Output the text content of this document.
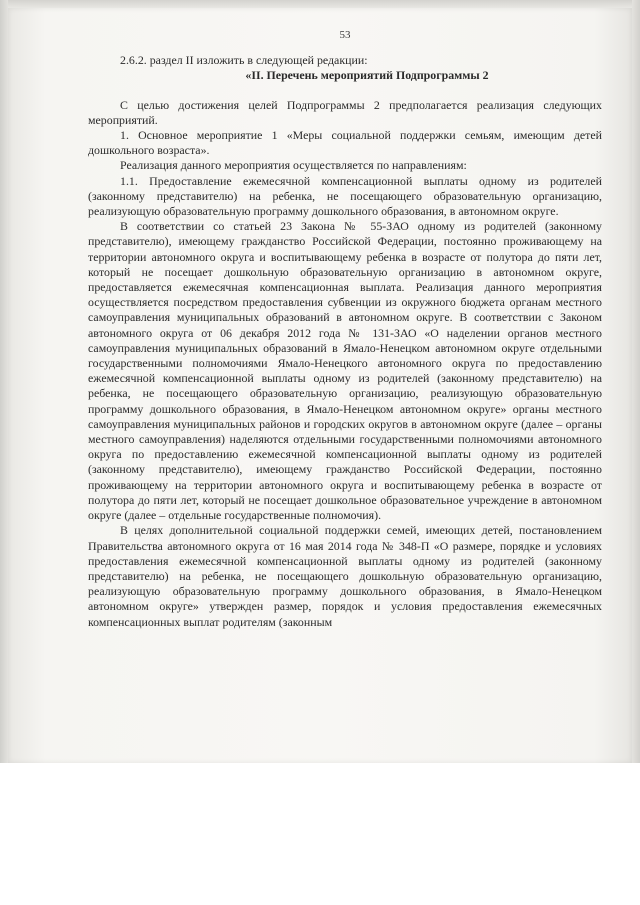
53

2.6.2. раздел II изложить в следующей редакции:

«II. Перечень мероприятий Подпрограммы 2

С целью достижения целей Подпрограммы 2 предполагается реализация следующих мероприятий.

1. Основное мероприятие 1 «Меры социальной поддержки семьям, имеющим детей дошкольного возраста».

Реализация данного мероприятия осуществляется по направлениям:

1.1. Предоставление ежемесячной компенсационной выплаты одному из родителей (законному представителю) на ребенка, не посещающего образовательную организацию, реализующую образовательную программу дошкольного образования, в автономном округе.

В соответствии со статьей 23 Закона № 55-ЗАО одному из родителей (законному представителю), имеющему гражданство Российской Федерации, постоянно проживающему на территории автономного округа и воспитывающему ребенка в возрасте от полутора до пяти лет, который не посещает дошкольную образовательную организацию в автономном округе, предоставляется ежемесячная компенсационная выплата. Реализация данного мероприятия осуществляется посредством предоставления субвенции из окружного бюджета органам местного самоуправления муниципальных образований в автономном округе. В соответствии с Законом автономного округа от 06 декабря 2012 года № 131-ЗАО «О наделении органов местного самоуправления муниципальных образований в Ямало-Ненецком автономном округе отдельными государственными полномочиями Ямало-Ненецкого автономного округа по предоставлению ежемесячной компенсационной выплаты одному из родителей (законному представителю) на ребенка, не посещающего образовательную организацию, реализующую образовательную программу дошкольного образования, в Ямало-Ненецком автономном округе» органы местного самоуправления муниципальных районов и городских округов в автономном округе (далее – органы местного самоуправления) наделяются отдельными государственными полномочиями автономного округа по предоставлению ежемесячной компенсационной выплаты одному из родителей (законному представителю), имеющему гражданство Российской Федерации, постоянно проживающему на территории автономного округа и воспитывающему ребенка в возрасте от полутора до пяти лет, который не посещает дошкольное образовательное учреждение в автономном округе (далее – отдельные государственные полномочия).

В целях дополнительной социальной поддержки семей, имеющих детей, постановлением Правительства автономного округа от 16 мая 2014 года № 348-П «О размере, порядке и условиях предоставления ежемесячной компенсационной выплаты одному из родителей (законному представителю) на ребенка, не посещающего дошкольную образовательную организацию, реализующую образовательную программу дошкольного образования, в Ямало-Ненецком автономном округе» утвержден размер, порядок и условия предоставления ежемесячных компенсационных выплат родителям (законным
